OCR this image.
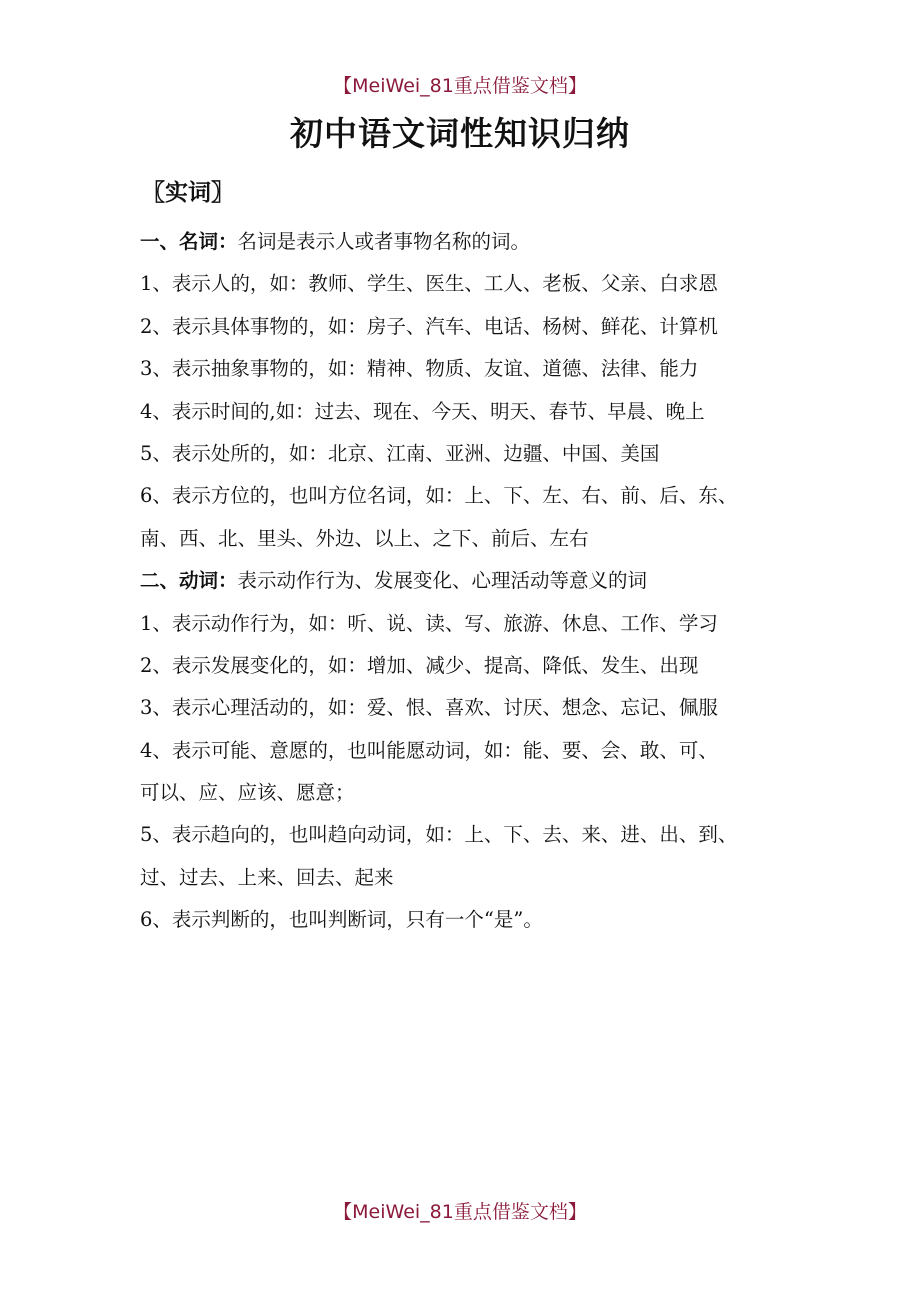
【MeiWei_81重点借鉴文档】
初中语文词性知识归纳
〖实词〗
一、名词：名词是表示人或者事物名称的词。
1、表示人的，如：教师、学生、医生、工人、老板、父亲、白求恩
2、表示具体事物的，如：房子、汽车、电话、杨树、鲜花、计算机
3、表示抽象事物的，如：精神、物质、友谊、道德、法律、能力
4、表示时间的,如：过去、现在、今天、明天、春节、早晨、晚上
5、表示处所的，如：北京、江南、亚洲、边疆、中国、美国
6、表示方位的，也叫方位名词，如：上、下、左、右、前、后、东、
南、西、北、里头、外边、以上、之下、前后、左右
二、动词：表示动作行为、发展变化、心理活动等意义的词
1、表示动作行为，如：听、说、读、写、旅游、休息、工作、学习
2、表示发展变化的，如：增加、减少、提高、降低、发生、出现
3、表示心理活动的，如：爱、恨、喜欢、讨厌、想念、忘记、佩服
4、表示可能、意愿的，也叫能愿动词，如：能、要、会、敢、可、
可以、应、应该、愿意；
5、表示趋向的，也叫趋向动词，如：上、下、去、来、进、出、到、
过、过去、上来、回去、起来
6、表示判断的，也叫判断词，只有一个“是”。
【MeiWei_81重点借鉴文档】
